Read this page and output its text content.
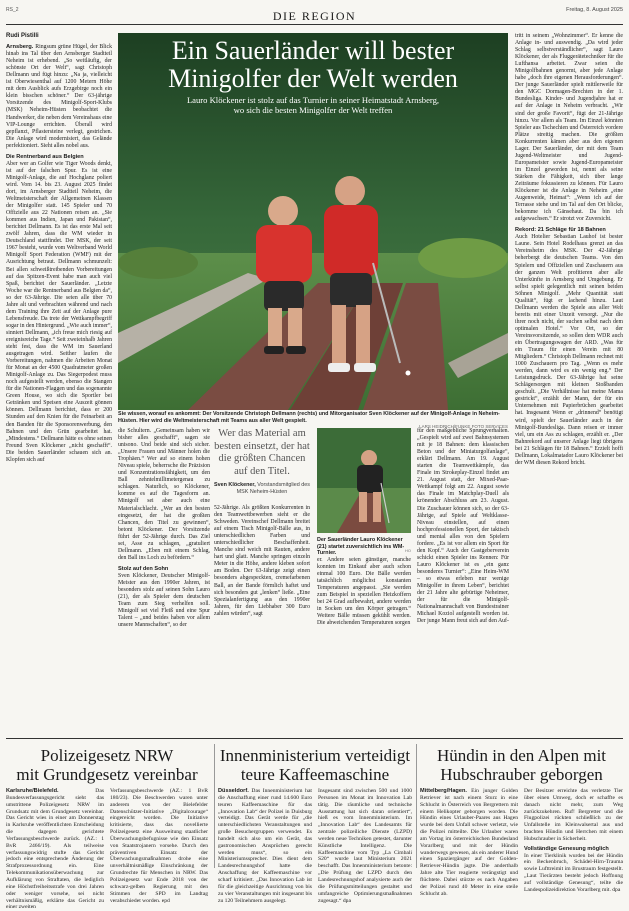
RS_2	DIE REGION	Freitag, 8. August 2025
Rudi Pistilli

Arnsberg. Ringsum grüne Hügel, der Blick hinab ins Tal über den Arnsberger Stadtteil Neheim ist erhebend. „So weitläufig, der schönste Ort der Welt“, sagt Christoph Dellmann und fügt hinzu: „Na ja, vielleicht ist Oberwiesenthal auf 1200 Metern Höhe mit dem Ausblick aufs Erzgebirge noch ein klein bisschen schöner.“ Der 63-jährige Vorsitzende des Minigolf-Sport-Klubs (MSK) Neheim-Hüsten beobachtet die Handwerker, die neben dem Vereinshaus eine VIP-Lounge errichten. Überall wird gepflanzt, Pflastersteine verlegt, gestrichen. Die Anlage wird modernisiert, das Gelände perfektioniert. Sieht alles nobel aus.

Die Rentnerband aus Belgien

Aber wer an Golfer wie Tiger Woods denkt, ist auf der falschen Spur. Es ist eine Minigolf-Anlage, die auf Hochglanz poliert wird. Vom 14. bis 23. August 2025 findet dort, im Arnsberger Stadtteil Neheim, die Weltmeisterschaft der Allgemeinen Klassen der Minigolfer statt. 145 Spieler und 70 Offizielle aus 22 Nationen reisen an. „Sie kommen aus Indien, Japan und Pakistan“, berichtet Dellmann. Es ist das erste Mal seit zwölf Jahren, dass die WM wieder in Deutschland stattfindet. Der MSK, der seit 1967 besteht, wurde vom Weltverband World Minigolf Sport Federation (WMF) mit der Ausrichtung betraut. Dellmann schmunzelt: Bei allen schweißtreibenden Vorbereitungen auf das Spitzen-Event habe man auch viel Spaß, berichtet der Sauerländer. „Letzte Woche war die Rentnerband aus Belgien da“, so der 63-Jährige. Die seien alle über 70 Jahre alt und verbrachten während und nach dem Training ihre Zeit auf der Anlage pure Lebensfreude. Da trete der Wettkampfbegriff sogar in den Hintergrund. „Wie auch immer“, sinniert Dellmann, „ich freue mich riesig auf ereignisreiche Tage.“ Seit zweieinhalb Jahren steht fest, dass die WM im Sauerland ausgetragen wird. Seither laufen die Vorbereitungen, nahmen die Arbeiten Monat für Monat an der 4500 Quadratmeter großen Minigolf-Anlage zu. Das Siegerpodest muss noch aufgestellt werden, ebenso die Stangen für die Nationen-Flaggen und das sogenannte Green House, wo sich die Sportler bei Getränken und Speisen eine Auszeit gönnen können. Dellmann berichtet, dass er 200 Stunden auf den Knien für die Feinarbeit an den Banden für die Sponsorenwerbung, den Bahnen und den Grün gearbeitet hat. „Mindestens.“ Dellmann hätte es ohne seinen Freund Sven Klöckener „nicht geschafft“. Die beiden Sauerländer schauen sich an. Klopfen sich auf

Ein Sauerländer will bester
Minigolfer der Welt werden
Lauro Klöckener ist stolz auf das Turnier in seiner Heimatstadt Arnsberg,
wo sich die besten Minigolfer der Welt treffen
Sie wissen, worauf es ankommt: Der Vorsitzende Christoph Dellmann (rechts) und Mitorganisator Sven Klöckener auf der Minigolf-Anlage in Neheim-Hüsten. Hier wird die Weltmeisterschaft mit Teams aus aller Welt gespielt.
LARS HEIDRICH/FUNKE FOTO SERVICES

die Schultern. „Gemeinsam haben wir bisher alles geschafft“, sagen sie unisono. Und beide sind sich sicher. „Unsere Frauen und Männer holen die Trophäen.“ Wer auf so einem hohen Niveau spiele, beherrsche die Präzision und Konzentrationsfähigkeit, um den Ball zehntelmillimetergenau zu schlagen. Naturlich, so Klöckener, komme es auf die Tagesform an. Minigolf sei aber auch eine Materialschlacht. „Wer an den besten eingesetzt, der hat die großten Chancen, den Titel zu gewinnen“, betont Klöckener. Der Vorsitzende führt der 52-Jährige durch. Das Ziel sei, Asse zu schlagen, „gratuliert Dellmann. „Eben mit einem Schlag, den Ball ins Loch zu befördern.“

Stolz auf den Sohn

Sven Klöckener, Deutscher Minigolf-Meister aus den 1990er Jahren, ist besonders stolz auf seinen Sohn Lauro (21), der als Spieler dem deutschen Team zum Sieg verhelfen soll. Minigolf sei viel Fleiß und eine Spur Talent – „und beides haben vor allem unsere Mannschaften“, so der

Wer das Material am besten einsetzt, der hat die größten Chancen auf den Titel.
Sven Klöckener, Vorstandsmitglied des MSK Neheim-Hüsten

52-Jährige. Als größten Konkurrenten in den Teamwettbewerben sieht er die Schweden. Vereinschef Dellmann breitet auf einem Tisch Minigolf-Bälle aus, in unterschiedlichen Farben und unterschiedlicher Beschaffenheit. Manche sind weich mit Rauten, andere hart und glatt. Manche springen einzeln Meter in die Höhe, andere kleben sofort am Boden. Der 63-Jährige zeigt einen besonders abgespeckten, cremefarbenen Ball, an der Bande förmlich haftet und sich besonders gut „lenken“ ließe. „Eine Spezialanfertigung aus den 1990er Jahren, für den Liebhaber 300 Euro zahlen würden“, sagt

Der Sauerländer Lauro Klöckener (21) startet zuversichtlich ins WM-Turnier.	HO

er. Andere seien günstiger, manche konnten im Einkauf aber auch schon einmal 100 Euro. Die Bälle werden tatsächlich möglichst konstanten Temperaturen angepasst. „Sie werden zum Beispiel in speziellen Heizkoffern bei 24 Grad aufbewahrt, andere werden in Socken um den Körper getragen.“ Weitere Bälle müssen gekühlt werden. Die abweichenden Temperaturen sorgen

für den maßgebliche Sprungverhalten. „Gespielt wird auf zwei Bahnsystemen mit je 18 Bahnen: dem klassischen Beton und der Miniaturgolfanlage“, erklärt Dellmann. Am 19. August starten die Teamwettkämpfe, das Finale im Strokeplay-Einzel findet am 21. August statt, der Mixed-Paar-Wettkampf folgt am 22. August sowie das Finale im Matchplay-Duell als krönender Abschluss am 23. August. Die Zuschauer können sich, so der 63-Jährige, auf Spiele auf Weltklasse-Niveau einstellen, auf einen hochprofessionellen Sport, der taktisch und mental alles von den Spielern fordere. „Es ist vor allem ein Sport für den Kopf.“ Auch der Gastgeberverein schickt einen Spieler ins Rennen: Für Lauro Klöckener ist es „ein ganz besonderes Turnier“: „Eine Heim-WM – so etwas erleben nur wenige Minigolfer in ihrem Leben“, berichtet der 21 Jahre alte gebürtige Neheimer, der für die Minigolf-Nationalmannschaft von Bundestrainer Michael Koziol aufgestellt worden ist. Der junge Mann freut sich auf den Auf-

tritt in seinem „Wohnzimmer“. Er kenne die Anlage in- und auswendig. „Da wird jeder Schlag selbstverständlicher“, sagt Lauro Klöckener, der als Fluggerätetechniker für die Lufthansa arbeitet. Zwar seien die Minigolfbahnen genormt, aber jede Anlage habe „doch ihre eigenen Herausforderungen“. Der junge Sauerländer spielt mittlerweile für den MGC Dormagen-Brechten in der 1. Bundesliga. Kinder- und Jugendjahre hat er auf der Anlage in Neheim verbracht. „Wir sind der große Favorit“, fügt der 21-Jährige hinzu. Vor allem als Team. Im Einzel könnten Spieler aus Tschechien und Österreich vordere Plätze streitig machen. Die größten Konkurrenten kämen aber aus den eigenen Lager. Der Sauerländer, der mit dem Team Jugend-Weltmeister und Jugend-Europameister sowie Jugend-Europameister im Einzel geworden ist, nennt als seine Stärken die Fähigkeit, sich über lange Zeiträume fokussieren zu können. Für Lauro Klöckener ist die Anlage in Neheim „eine Augenweide, Heimat“: „Wenn ich auf der Terrasse stehe und im Tal auf den Ort blicke, bekomme ich Gänsehaut. Da bin ich aufgewachsen.“ Er strotzt vor Zuversicht.

Rekord: 21 Schläge für 18 Bahnen

Auch Hotelier Sebastian Lauhof ist bester Laune. Sein Hotel Rodelhaus grenzt an das Vereinsheim des MSK. Der 42-Jährige beherbergt die deutschen Teams. Von den Spielern und Offiziellen und Zuschauern aus der ganzen Welt profitieren aber alle Unterkünfte in Arnsberg und Umgebung. Er selbst spielt gelegentlich mit seinen beiden Söhnen Minigolf. „Mehr Quantität statt Qualität“, fügt er lachend hinzu. Laut Dellmann werden die Spiele aus aller Welt bereits mit einer Unzeit versorgt. „Nur die ihrer noch nicht, der suchen selbst nach dem optimalen Hotel.“ Vor Ort, so der Vereinsvorsitzende, so sollen dem WDR auch ein Übertragungswagen der ARD. „Was für ein Traum für einen Verein mit 80 Mitgliedern.“ Christoph Dellmann rechnet mit 1000 Zuschauern pro Tag. „Wenn es mehr werden, dann wird es ein wenig eng.“ Der Leistungsdruck. Der 63-Jährige hat seine Schlägersorgen mit kleinen Stoßbanden geschult. „Die Verhältnisse hat meine Mama gestrickt“, erzählt der Mann, der für ein Unternehmen mit Papierbrüchen gearbeitet hat. Insgesamt Wenn er „drinnend“ benötigt wird, spielt der Sauerländer auch in der Minigolf-Bundesliga. Dann reisen er immer viel, um ein Ass zu schlagen, erzählt er. „Der Bahnrekord auf unserer Anlage liegt übrigens bei 21 Schlägen für 18 Bahnen.“ Erzielt hoffi Dellmann, Lokalmatador Lauro Klöckener bei der WM diesen Rekord bricht.

Polizeigesetz NRW
mit Grundgesetz vereinbar
Karlsruhe/Bielefeld.	Das Bundesverfassungsgericht sieht das umstrittene Polizeigesetz NRW im Grundsatz mit dem Grundgesetz vereinbar. Das Gericht wies in einer am Donnerstag in Karlsruhe veröffentlichten Entscheidung die dagegen gerichtete Verfassungsbeschwerde zurück. (AZ.: 1 BvR 2466/19). Als teilweise verfassungswidrig stufte das Gericht jedoch eine entsprechende Änderung der Strafprozessordnung ein. Eine Telekommunikationsüberwachung zur Aufklärung von Straftaten, die lediglich eine Höchstfreiheitsstrafe von drei Jahren oder weniger vorsehe, sei nicht verhältnismäßig, erklärte das Gericht zu einer zweiten
Verfassungsbeschwerde (AZ.: 1 BvR 180/23). Die Beschwerden waren unter anderem von der Bielefelder Datenschützer-Initiative „Digitalcourage“ eingereicht worden. Die Initiative kritisierte, dass das novellierte Polizeigesetz eine Ausweitung staatlicher Überwachungsbefugnisse wie den Einsatz von Staatstrojanern vorsehe. Durch den präventiven Einsatz der Überwachungsmaßnahmen drohe eine unverhältnismäßige Einschränkung der Grundrechte für Menschen in NRW. Das Polizeigesetz war Ende 2018 von der schwarz-gelben Regierung mit den Stimmen der SPD im Landtag verabschiedet worden. epd
Innenministerium verteidigt
teure Kaffeemaschine
Düsseldorf. Das Innenministerium hat die Anschaffung einer rund 14.600 Euro teuren Kaffeemaschine für das „Innovation Lab“ der Polizei in Duisburg verteidigt. Das Gerät werde für „die unterschiedlichsten Veranstaltungen und große Besuchergruppen verwendet. Es handelt sich also um ein Gerät, das gastronomischen Ansprüchen gerecht werden muss“, so ein Ministeriumssprecher. Dies dient dem Landesrechnungshof hatte die Anschaffung der Kaffeemaschine vor scharf kritisiert. „Das Innovation Lab ist für die gleichzeitige Ausrichtung von bis zu vier Veranstaltungen mit insgesamt bis zu 120 Teilnehmern ausgelegt.
Insgesamt sind zwischen 500 und 1000 Personen im Monat im Innovation Lab tätig. Die räumliche und technische Ausstattung hat sich daran orientiert“, hieß es vom Innenministerium. Im „Innovation Lab“ des Landesamts für zentrale polizeiliche Dienste (LZPD) werden neue Techniken getestet, darunter Künstliche Intelligenz. Die Kaffeemaschine vom Typ „La Cimbali S20“ wurde laut Ministerium 2021 beschafft. Das Innenministerium betonte: „Die Prüfung der LZPD durch den Landesrechnungshof analysierte auch der die Prüfungsmitteilungen gestaltet und umfangreiche Optimierungsmaßnahmen zugesagt.“ dpa
Hündin in den Alpen mit
Hubschrauber geborgen
Mittelberg/Hagen. Ein junger Golden Retriever ist nach einem Sturz in eine Schlucht in Österreich von Bergrettern mit einem Helikopter geborgen worden. Die Hündin eines Urlauber-Paares aus Hagen wurde bei dem Unfall schwer verletzt, wie die Polizei mitteilte. Die Urlauber waren am Vortag im österreichischen Bundesland Vorarlberg und mit der Hündin wanderwegs gewesen, als ein anderer Hund einen Spaziergänger auf der Golden-Retriever-Hündin jagte. Die anderthalb Jahre alte Tier reagierte verängstigt und flüchtete. Dabei stürzte es nach Angaben der Polizei rund 40 Meter in eine steile Schlucht ab.
Der Besitzer erreichte das verletzte Tier über einen Umweg, doch er schaffte es danach nicht mehr, zum Weg zurückzukehren. Ruf! Bergretter und die Flugpolizei rückten schließlich zu der Unfallstelle im Kleinwalsertal aus und brachten Hündin und Herrchen mit einem Hubschrauber in Sicherheit.
Vollständige Genesung möglich
In einer Tierklinik wurden bei der Hündin ein Beckenbruch, Schädel-Hirn-Trauma sowie Lufttreimit im Brustraum festgestellt. „Laut Tierärzten besteht jedoch Hoffnung auf vollständige Genesung“, teilte die Landespolizeidirektion Vorarlberg mit. dpa
